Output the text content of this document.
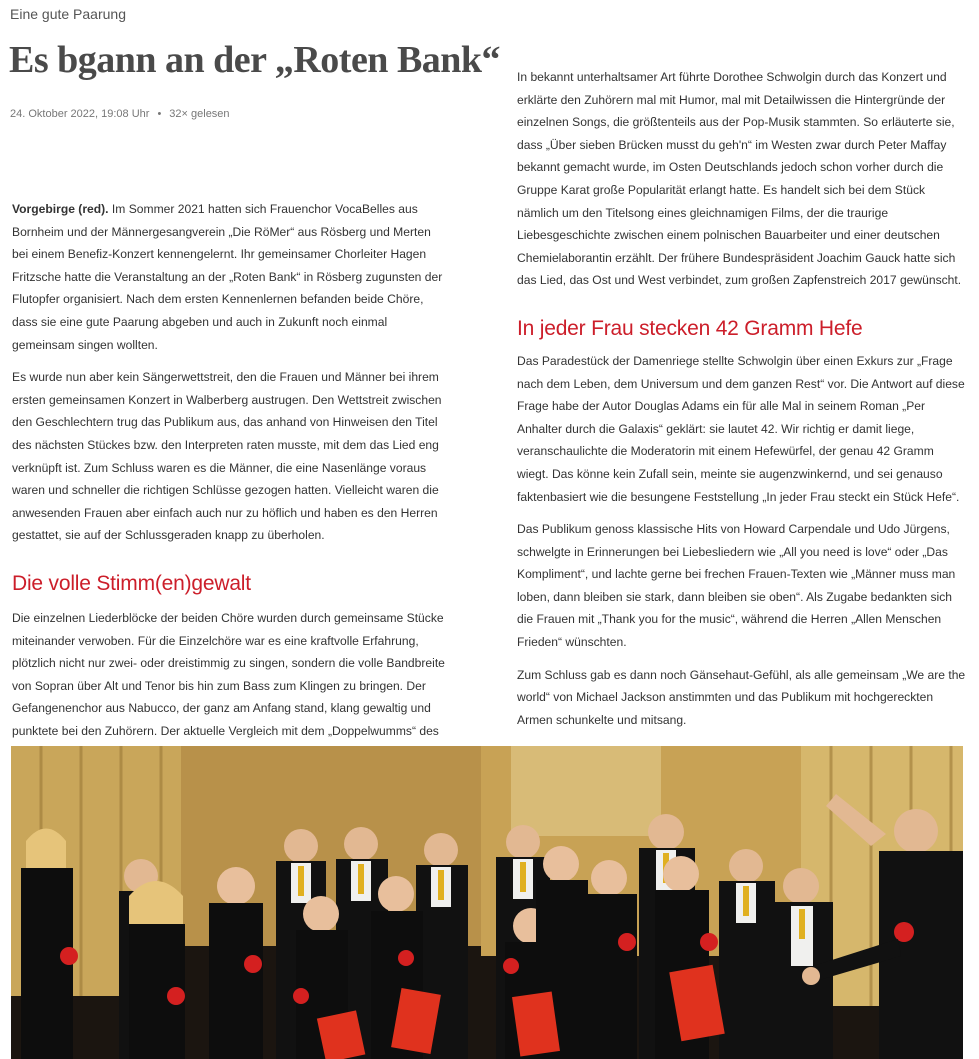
Eine gute Paarung
Es bgann an der „Roten Bank“
24. Oktober 2022, 19:08 Uhr • 32× gelesen

Vorgebirge (red). Im Sommer 2021 hatten sich Frauenchor VocaBelles aus Bornheim und der Männergesangverein „Die RöMer“ aus Rösberg und Merten bei einem Benefiz-Konzert kennengelernt. Ihr gemeinsamer Chorleiter Hagen Fritzsche hatte die Veranstaltung an der „Roten Bank“ in Rösberg zugunsten der Flutopfer organisiert. Nach dem ersten Kennenlernen befanden beide Chöre, dass sie eine gute Paarung abgeben und auch in Zukunft noch einmal gemeinsam singen wollten.

Es wurde nun aber kein Sängerwettstreit, den die Frauen und Männer bei ihrem ersten gemeinsamen Konzert in Walberberg austrugen. Den Wettstreit zwischen den Geschlechtern trug das Publikum aus, das anhand von Hinweisen den Titel des nächsten Stückes bzw. den Interpreten raten musste, mit dem das Lied eng verknüpft ist. Zum Schluss waren es die Männer, die eine Nasenlänge voraus waren und schneller die richtigen Schlüsse gezogen hatten. Vielleicht waren die anwesenden Frauen aber einfach auch nur zu höflich und haben es den Herren gestattet, sie auf der Schlussgeraden knapp zu überholen.

Die volle Stimm(en)gewalt

Die einzelnen Liederblöcke der beiden Chöre wurden durch gemeinsame Stücke miteinander verwoben. Für die Einzelchöre war es eine kraftvolle Erfahrung, plötzlich nicht nur zwei- oder dreistimmig zu singen, sondern die volle Bandbreite von Sopran über Alt und Tenor bis hin zum Bass zum Klingen zu bringen. Der Gefangenenchor aus Nabucco, der ganz am Anfang stand, klang gewaltig und punktete bei den Zuhörern. Der aktuelle Vergleich mit dem „Doppelwumms“ des

In bekannt unterhaltsamer Art führte Dorothee Schwolgin durch das Konzert und erklärte den Zuhörern mal mit Humor, mal mit Detailwissen die Hintergründe der einzelnen Songs, die größtenteils aus der Pop-Musik stammten. So erläuterte sie, dass „Über sieben Brücken musst du geh'n“ im Westen zwar durch Peter Maffay bekannt gemacht wurde, im Osten Deutschlands jedoch schon vorher durch die Gruppe Karat große Popularität erlangt hatte. Es handelt sich bei dem Stück nämlich um den Titelsong eines gleichnamigen Films, der die traurige Liebesgeschichte zwischen einem polnischen Bauarbeiter und einer deutschen Chemielaborantin erzählt. Der frühere Bundespräsident Joachim Gauck hatte sich das Lied, das Ost und West verbindet, zum großen Zapfenstreich 2017 gewünscht.

In jeder Frau stecken 42 Gramm Hefe

Das Paradestück der Damenriege stellte Schwolgin über einen Exkurs zur „Frage nach dem Leben, dem Universum und dem ganzen Rest“ vor. Die Antwort auf diese Frage habe der Autor Douglas Adams ein für alle Mal in seinem Roman „Per Anhalter durch die Galaxis“ geklärt: sie lautet 42. Wir richtig er damit liege, veranschaulichte die Moderatorin mit einem Hefewürfel, der genau 42 Gramm wiegt. Das könne kein Zufall sein, meinte sie augenzwinkernd, und sei genauso faktenbasiert wie die besungene Feststellung „In jeder Frau steckt ein Stück Hefe“.

Das Publikum genoss klassische Hits von Howard Carpendale und Udo Jürgens, schwelgte in Erinnerungen bei Liebesliedern wie „All you need is love“ oder „Das Kompliment“, und lachte gerne bei frechen Frauen-Texten wie „Männer muss man loben, dann bleiben sie stark, dann bleiben sie oben“. Als Zugabe bedankten sich die Frauen mit „Thank you for the music“, während die Herren „Allen Menschen Frieden“ wünschten.

Zum Schluss gab es dann noch Gänsehaut-Gefühl, als alle gemeinsam „We are the world“ von Michael Jackson anstimmten und das Publikum mit hochgereckten Armen schunkelte und mitsang.
